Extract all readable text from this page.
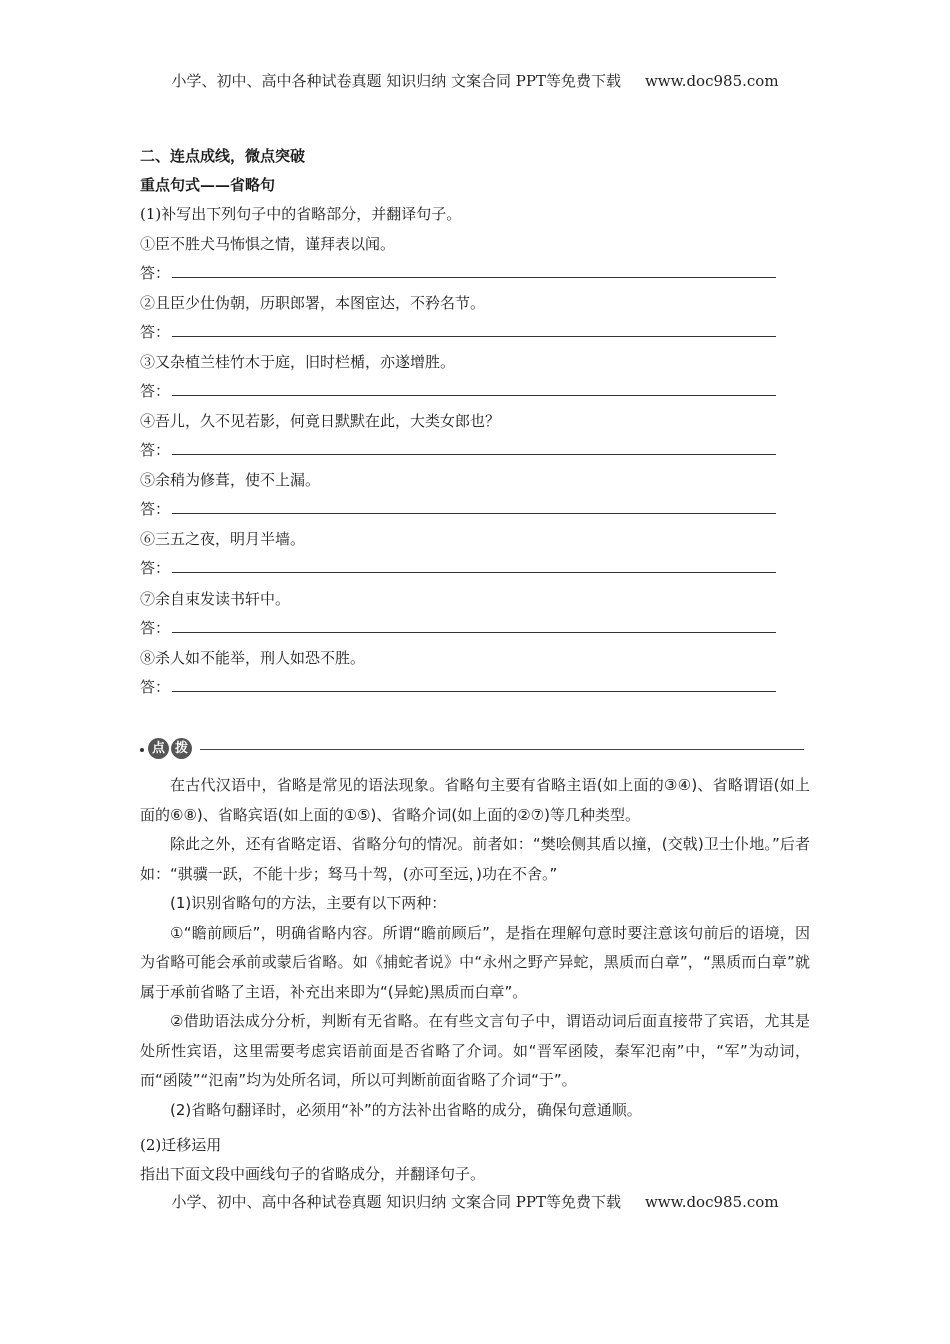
小学、初中、高中各种试卷真题 知识归纳 文案合同 PPT等免费下载 www.doc985.com
二、连点成线，微点突破
重点句式——省略句
(1)补写出下列句子中的省略部分，并翻译句子。
①臣不胜犬马怖惧之情，谨拜表以闻。
答：
②且臣少仕伪朝，历职郎署，本图宦达，不矜名节。
答：
③又杂植兰桂竹木于庭，旧时栏楯，亦遂增胜。
答：
④吾儿，久不见若影，何竟日默默在此，大类女郎也？
答：
⑤余稍为修葺，使不上漏。
答：
⑥三五之夜，明月半墙。
答：
⑦余自束发读书轩中。
答：
⑧杀人如不能举，刑人如恐不胜。
答：
点 拨

在古代汉语中，省略是常见的语法现象。省略句主要有省略主语(如上面的③④)、省略谓语(如上面的⑥⑧)、省略宾语(如上面的①⑤)、省略介词(如上面的②⑦)等几种类型。

除此之外，还有省略定语、省略分句的情况。前者如：“樊哙侧其盾以撞，(交戟)卫士仆地。”后者如：“骐骥一跃，不能十步；驽马十驾，(亦可至远，)功在不舍。”

(1)识别省略句的方法，主要有以下两种：

①“瞻前顾后”，明确省略内容。所谓“瞻前顾后”，是指在理解句意时要注意该句前后的语境，因为省略可能会承前或蒙后省略。如《捕蛇者说》中“永州之野产异蛇，黑质而白章”，“黑质而白章”就属于承前省略了主语，补充出来即为“(异蛇)黑质而白章”。

②借助语法成分分析，判断有无省略。在有些文言句子中，谓语动词后面直接带了宾语，尤其是处所性宾语，这里需要考虑宾语前面是否省略了介词。如“晋军函陵，秦军氾南”中，“军”为动词，而“函陵”“氾南”均为处所名词，所以可判断前面省略了介词“于”。

(2)省略句翻译时，必须用“补”的方法补出省略的成分，确保句意通顺。

(2)迁移运用
指出下面文段中画线句子的省略成分，并翻译句子。
小学、初中、高中各种试卷真题 知识归纳 文案合同 PPT等免费下载 www.doc985.com
